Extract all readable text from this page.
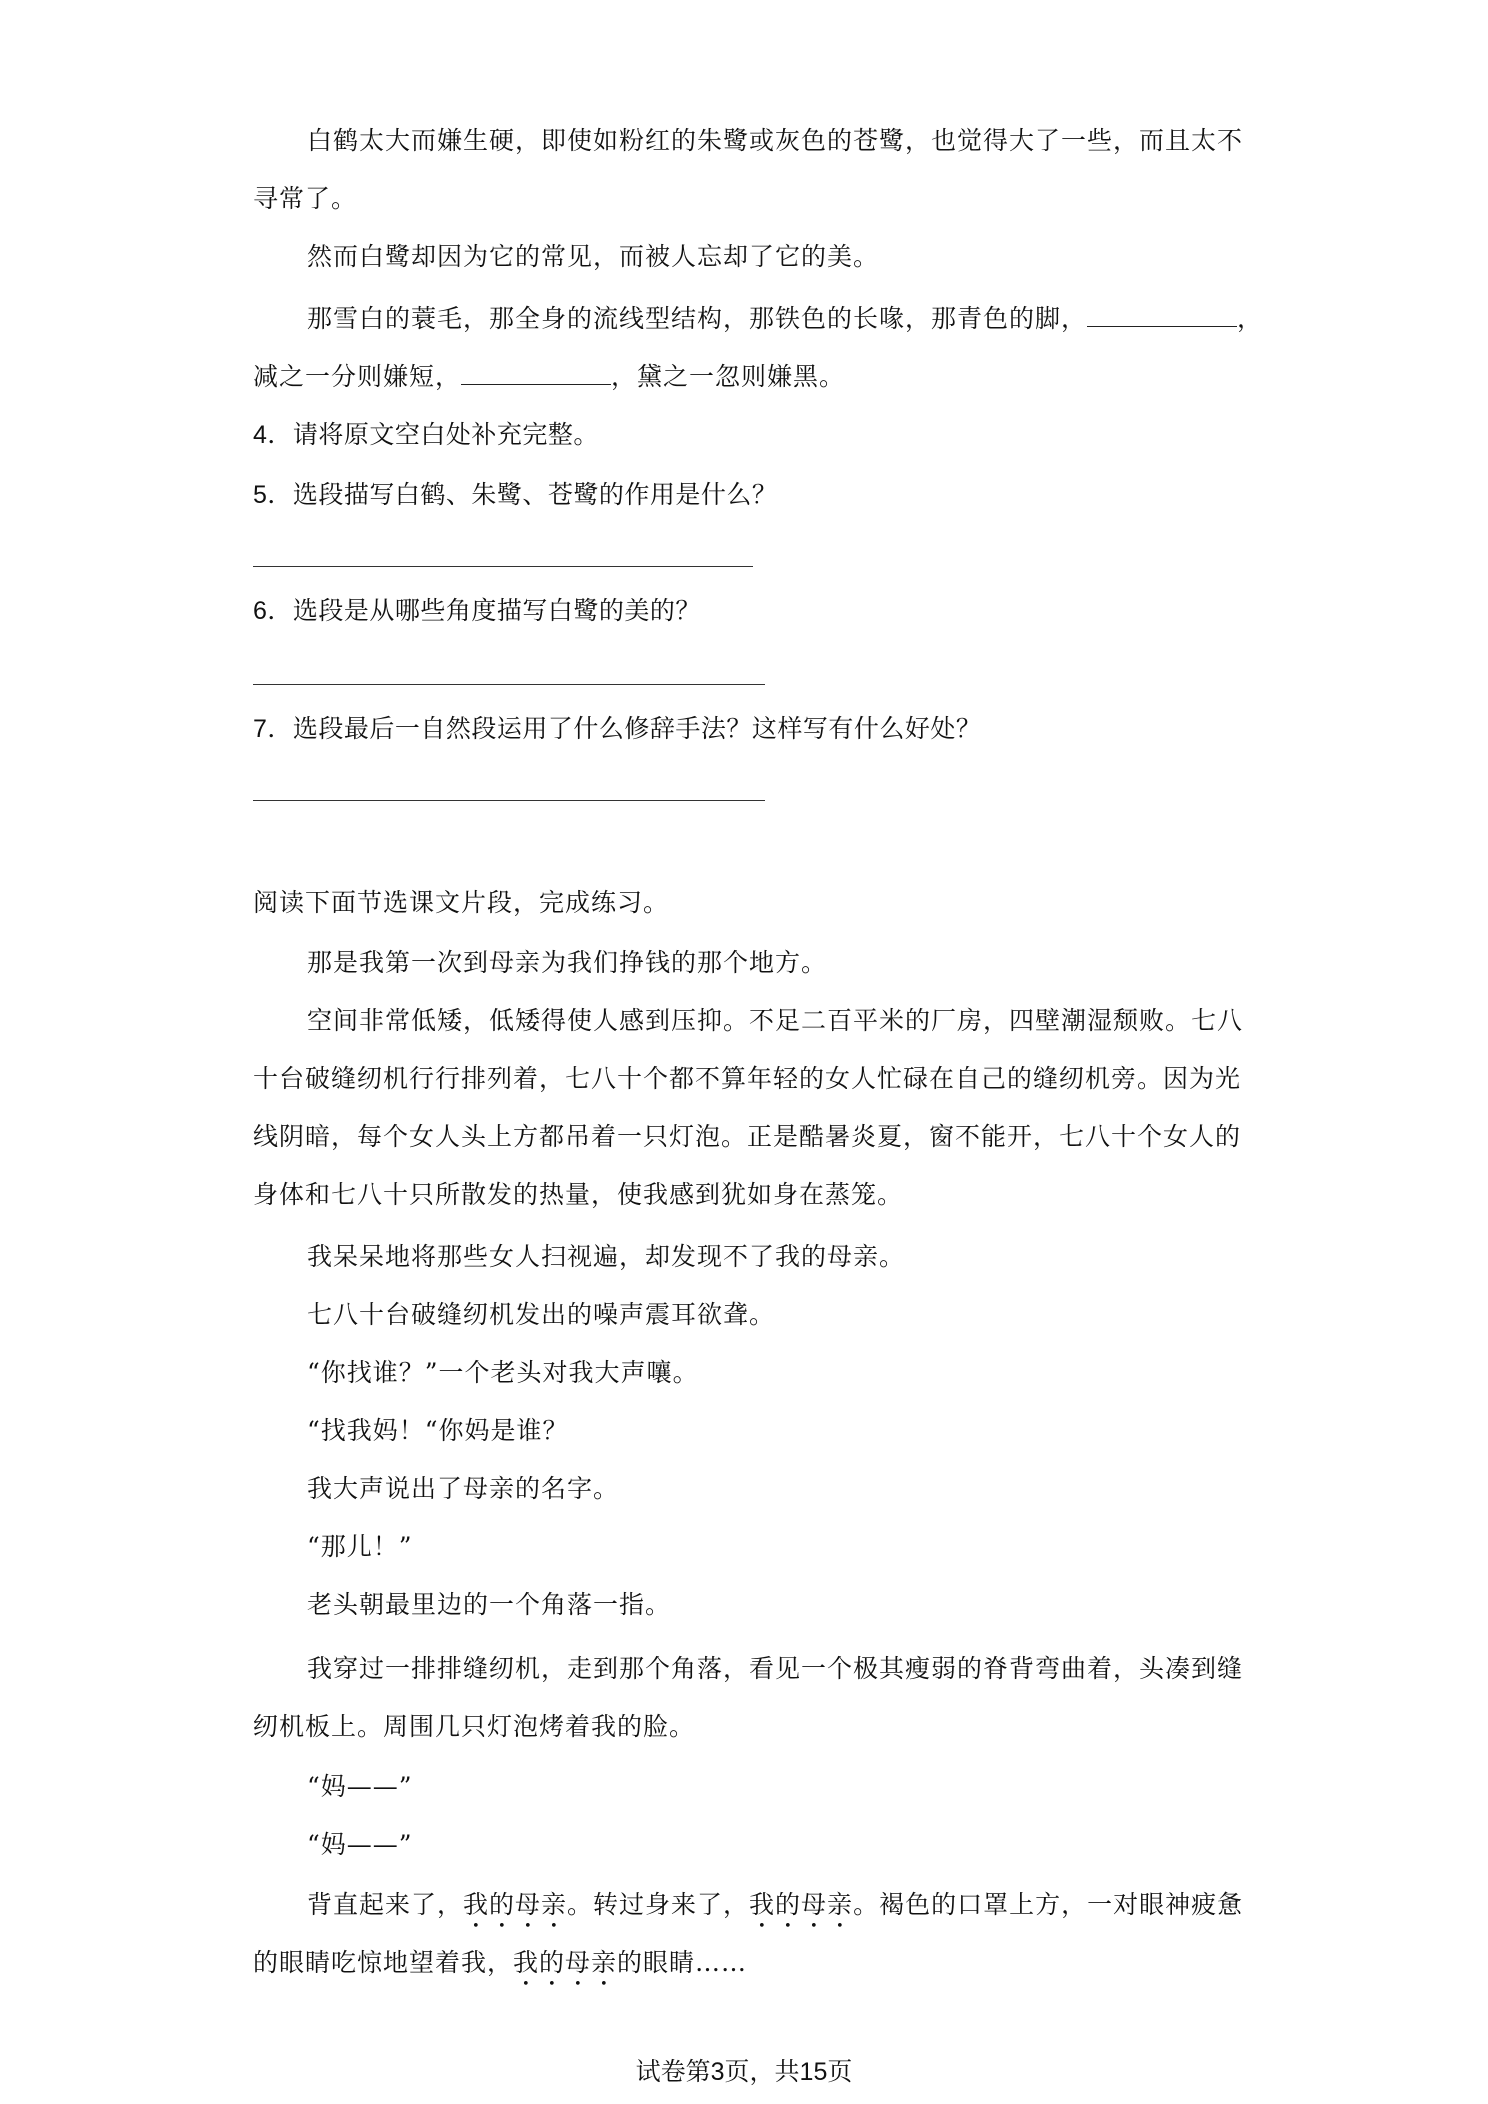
白鹤太大而嫌生硬，即使如粉红的朱鹭或灰色的苍鹭，也觉得大了一些，而且太不
寻常了。
然而白鹭却因为它的常见，而被人忘却了它的美。
那雪白的蓑毛，那全身的流线型结构，那铁色的长喙，那青色的脚，	，
减之一分则嫌短，	，黛之一忽则嫌黑。
4．请将原文空白处补充完整。
5．选段描写白鹤、朱鹭、苍鹭的作用是什么？
6．选段是从哪些角度描写白鹭的美的？
7．选段最后一自然段运用了什么修辞手法？这样写有什么好处？
阅读下面节选课文片段，完成练习。
那是我第一次到母亲为我们挣钱的那个地方。
空间非常低矮，低矮得使人感到压抑。不足二百平米的厂房，四壁潮湿颓败。七八
十台破缝纫机行行排列着，七八十个都不算年轻的女人忙碌在自己的缝纫机旁。因为光
线阴暗，每个女人头上方都吊着一只灯泡。正是酷暑炎夏，窗不能开，七八十个女人的
身体和七八十只所散发的热量，使我感到犹如身在蒸笼。
我呆呆地将那些女人扫视遍，却发现不了我的母亲。
七八十台破缝纫机发出的噪声震耳欲聋。
“你找谁？”一个老头对我大声嚷。
“找我妈！“你妈是谁？
我大声说出了母亲的名字。
“那儿！”
老头朝最里边的一个角落一指。
我穿过一排排缝纫机，走到那个角落，看见一个极其瘦弱的脊背弯曲着，头凑到缝
纫机板上。周围几只灯泡烤着我的脸。
“妈——”
“妈——”
背直起来了，我的母亲。转过身来了，我的母亲。褐色的口罩上方，一对眼神疲惫
的眼睛吃惊地望着我，我的母亲的眼睛……
试卷第3页，共15页
